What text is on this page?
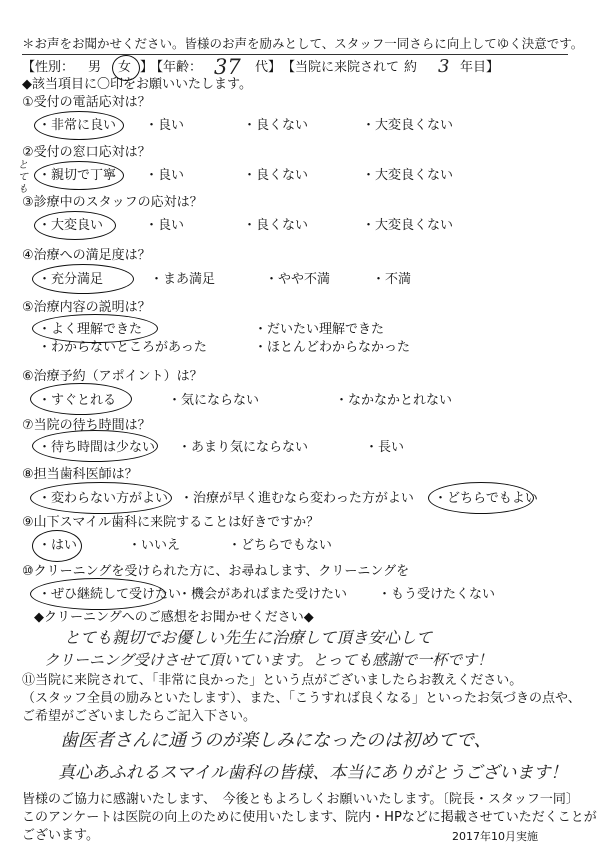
＊お声をお聞かせください。皆様のお声を励みとして、スタッフ一同さらに向上してゆく決意です。
【性別： 男 女 】
【年齢： 37 代】 【当院に来院されて 約 3 年目】
◆該当項目に〇印をお願いいたします。
①受付の電話応対は？
・非常に良い ・良い	・良くない	・大変良くない
②受付の窓口応対は？
とても
・親切で丁寧 ・良い	・良くない	・大変良くない
③診療中のスタッフの応対は？
・大変良い	・良い	・良くない	・大変良くない
④治療への満足度は？
・充分満足	・まあ満足	・やや不満	・不満
⑤治療内容の説明は？
・よく理解できた	・だいたい理解できた
・わからないところがあった	・ほとんどわからなかった
⑥治療予約（アポイント）は？
・すぐとれる	・気にならない	・なかなかとれない
⑦当院の待ち時間は？
・待ち時間は少ない ・あまり気にならない	・長い
⑧担当歯科医師は？
・変わらない方がよい ・治療が早く進むなら変わった方がよい ・どちらでもよい
⑨山下スマイル歯科に来院することは好きですか？
・はい	・いいえ	・どちらでもない
⑩クリーニングを受けられた方に、お尋ねします、クリーニングを
・ぜひ継続して受けたい
・機会があればまた受けたい ・もう受けたくない
◆クリーニングへのご感想をお聞かせください◆
とても親切でお優しい先生に治療して頂き安心して
クリーニング受けさせて頂いています。とっても感謝で一杯です！
⑪当院に来院されて、「非常に良かった」という点がございましたらお教えください。
（スタッフ全員の励みといたします）、また、「こうすれば良くなる」といったお気づきの点や、
ご希望がございましたらご記入下さい。
歯医者さんに通うのが楽しみになったのは初めてで、
真心あふれるスマイル歯科の皆様、本当にありがとうございます！
皆様のご協力に感謝いたします、　今後ともよろしくお願いいたします。〔院長・スタッフ一同〕
このアンケートは医院の向上のために使用いたします、院内・HPなどに掲載させていただくことが
ございます。	2017年10月実施
